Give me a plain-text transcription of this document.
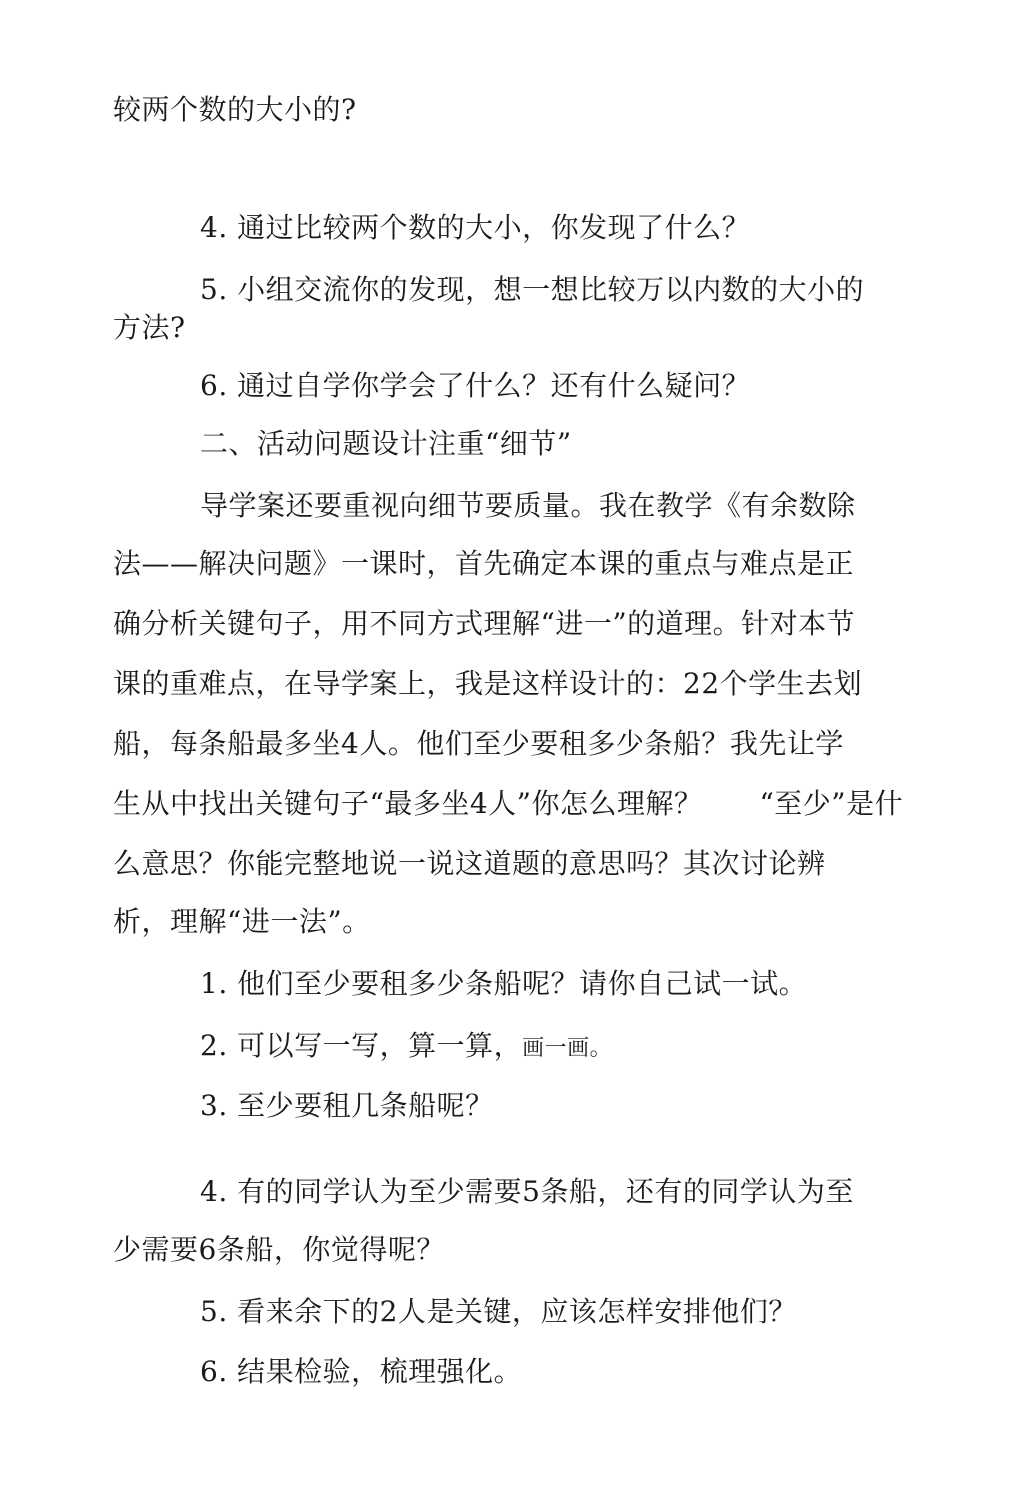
较两个数的大小的?
4. 通过比较两个数的大小，你发现了什么？
5. 小组交流你的发现，想一想比较万以内数的大小的
方法?
6. 通过自学你学会了什么？还有什么疑问？
二、活动问题设计注重“细节”
导学案还要重视向细节要质量。我在教学《有余数除
法——解决问题》一课时，首先确定本课的重点与难点是正
确分析关键句子，用不同方式理解“进一”的道理。针对本节
课的重难点，在导学案上，我是这样设计的：22个学生去划
船，每条船最多坐4人。他们至少要租多少条船？我先让学
生从中找出关键句子“最多坐4人”你怎么理解？　　“至少”是什
么意思？你能完整地说一说这道题的意思吗？其次讨论辨
析，理解“进一法”。
1. 他们至少要租多少条船呢？请你自己试一试。
2. 可以写一写，算一算，画一画。
3. 至少要租几条船呢？
4. 有的同学认为至少需要5条船，还有的同学认为至
少需要6条船，你觉得呢？
5. 看来余下的2人是关键，应该怎样安排他们？
6. 结果检验，梳理强化。
